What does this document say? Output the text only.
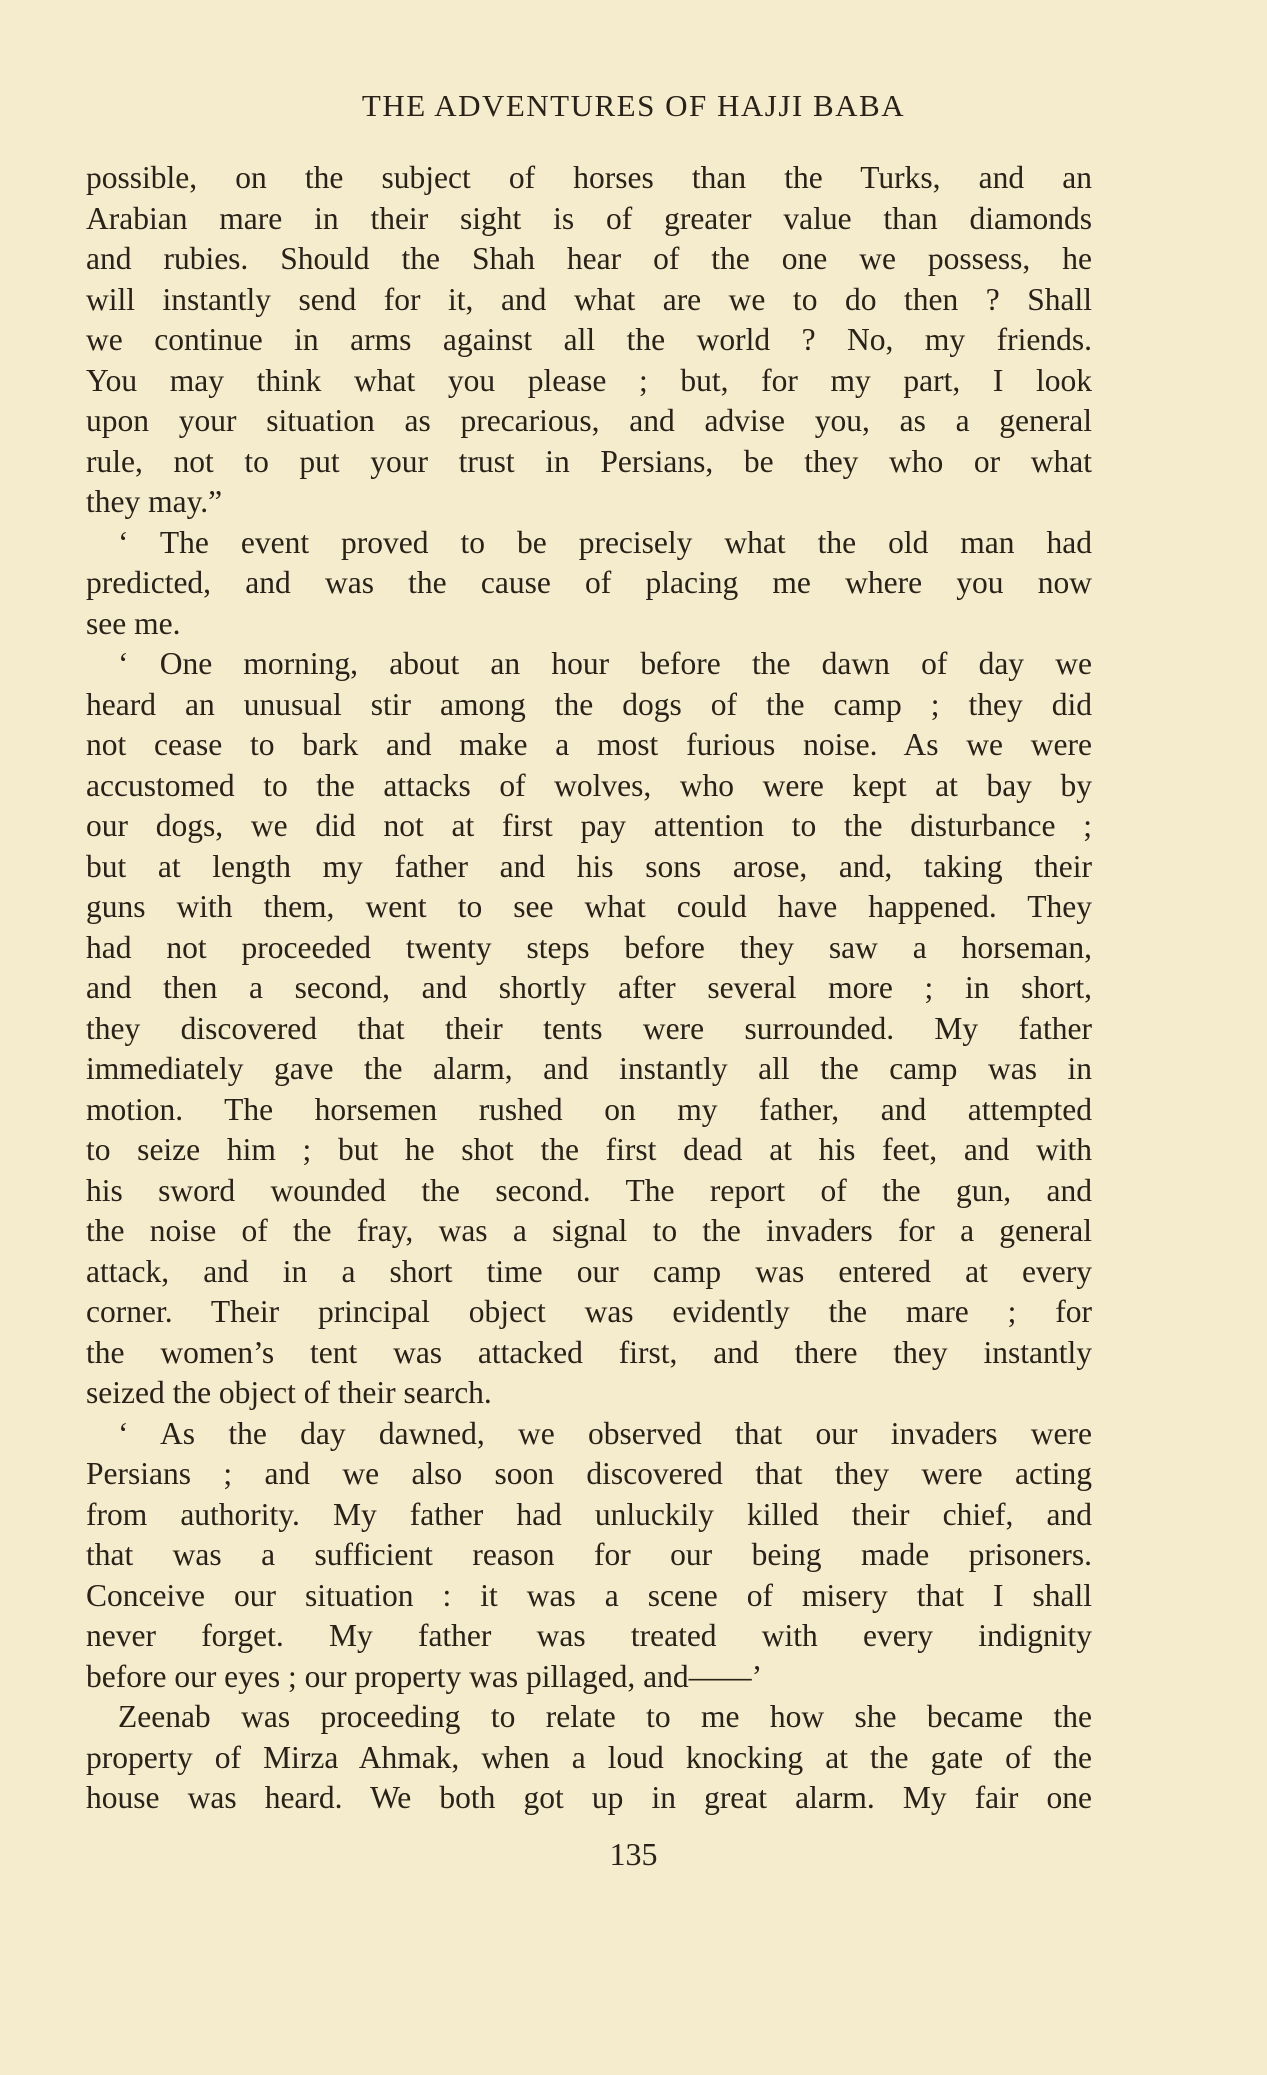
THE ADVENTURES OF HAJJI BABA
possible, on the subject of horses than the Turks, and an
Arabian mare in their sight is of greater value than diamonds
and rubies. Should the Shah hear of the one we possess, he
will instantly send for it, and what are we to do then ? Shall
we continue in arms against all the world ? No, my friends.
You may think what you please ; but, for my part, I look
upon your situation as precarious, and advise you, as a general
rule, not to put your trust in Persians, be they who or what
they may.”
‘ The event proved to be precisely what the old man had
predicted, and was the cause of placing me where you now
see me.
‘ One morning, about an hour before the dawn of day we
heard an unusual stir among the dogs of the camp ; they did
not cease to bark and make a most furious noise. As we were
accustomed to the attacks of wolves, who were kept at bay by
our dogs, we did not at first pay attention to the disturbance ;
but at length my father and his sons arose, and, taking their
guns with them, went to see what could have happened. They
had not proceeded twenty steps before they saw a horseman,
and then a second, and shortly after several more ; in short,
they discovered that their tents were surrounded. My father
immediately gave the alarm, and instantly all the camp was in
motion. The horsemen rushed on my father, and attempted
to seize him ; but he shot the first dead at his feet, and with
his sword wounded the second. The report of the gun, and
the noise of the fray, was a signal to the invaders for a general
attack, and in a short time our camp was entered at every
corner. Their principal object was evidently the mare ; for
the women’s tent was attacked first, and there they instantly
seized the object of their search.
‘ As the day dawned, we observed that our invaders were
Persians ; and we also soon discovered that they were acting
from authority. My father had unluckily killed their chief, and
that was a sufficient reason for our being made prisoners.
Conceive our situation : it was a scene of misery that I shall
never forget. My father was treated with every indignity
before our eyes ; our property was pillaged, and——’
Zeenab was proceeding to relate to me how she became the
property of Mirza Ahmak, when a loud knocking at the gate of the
house was heard. We both got up in great alarm. My fair one
135
